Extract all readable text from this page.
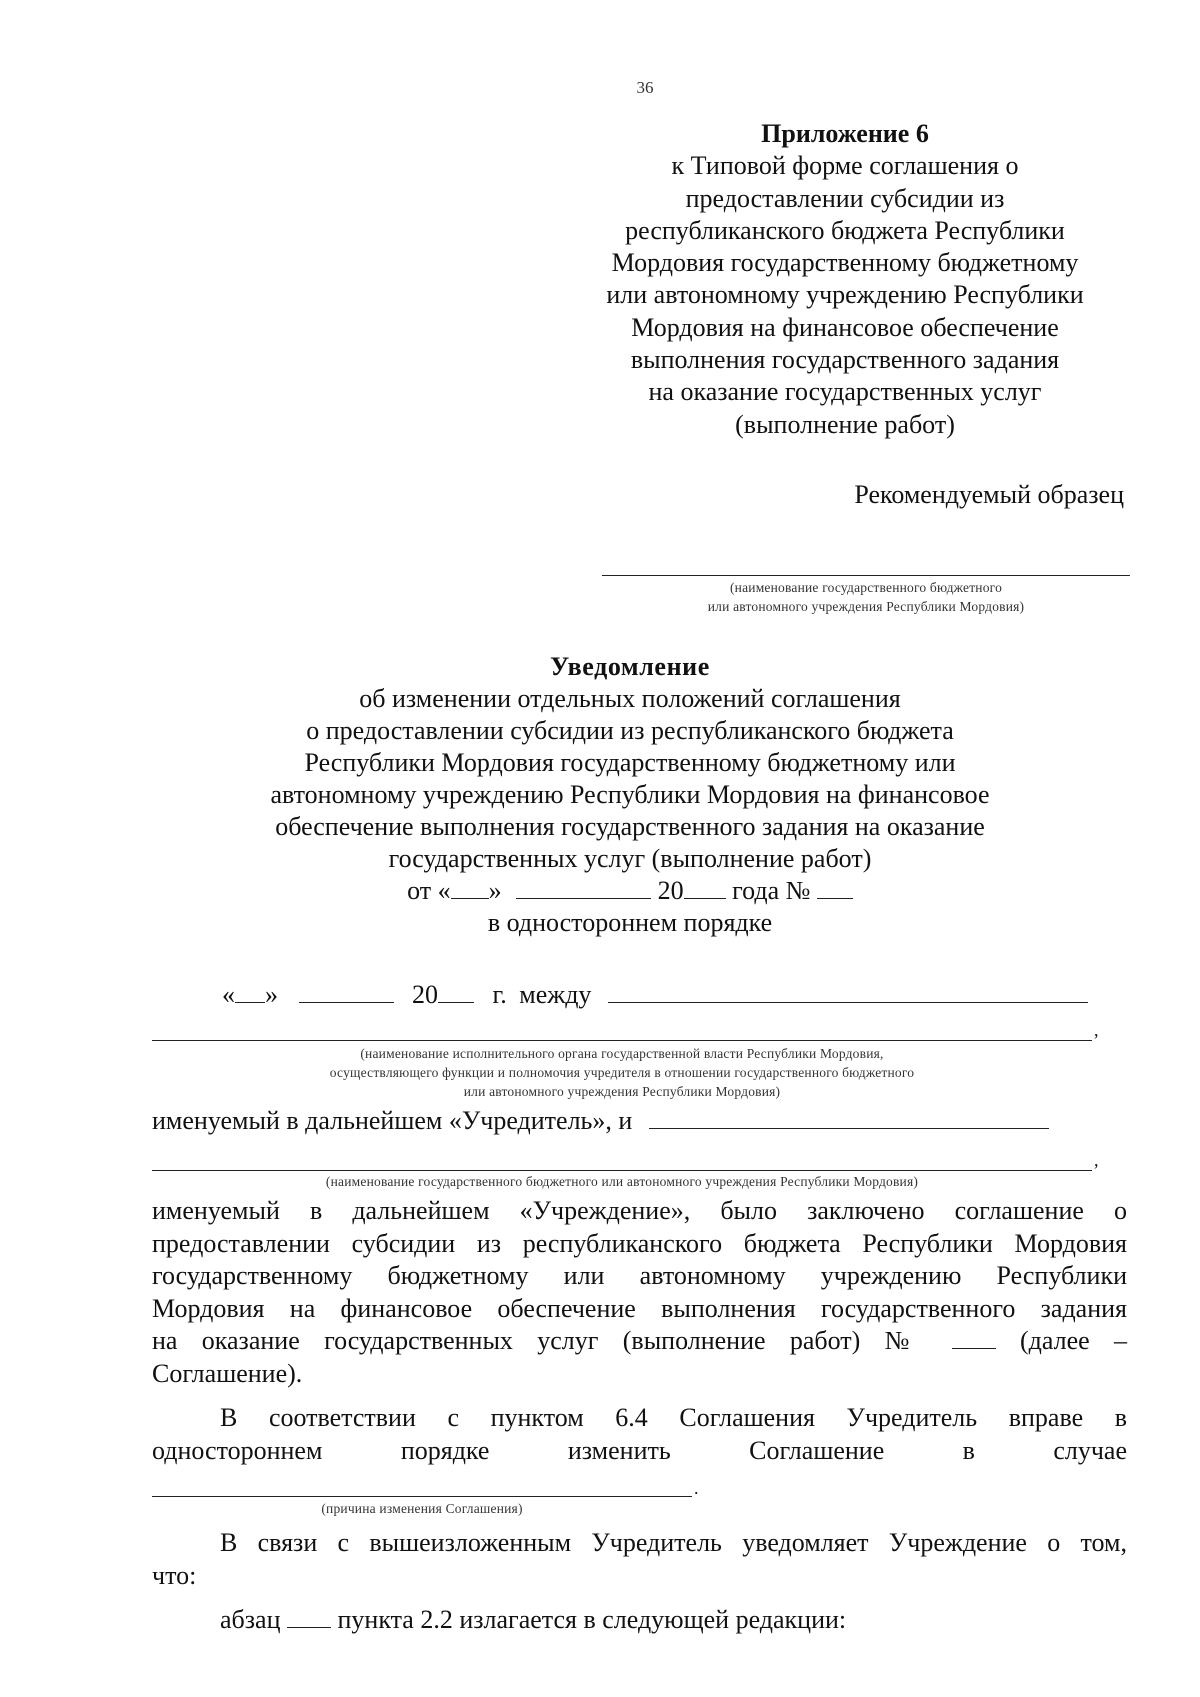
36
Приложение 6
к Типовой форме соглашения о
предоставлении субсидии из
республиканского бюджета Республики
Мордовия государственному бюджетному
или автономному учреждению Республики
Мордовия на финансовое обеспечение
выполнения государственного задания
на оказание государственных услуг
(выполнение работ)
Рекомендуемый образец
(наименование государственного бюджетного
или автономного учреждения Республики Мордовия)
Уведомление
об изменении отдельных положений соглашения
о предоставлении субсидии из республиканского бюджета
Республики Мордовия государственному бюджетному или
автономному учреждению Республики Мордовия на финансовое
обеспечение выполнения государственного задания на оказание
государственных услуг (выполнение работ)
от « »	20 года №
в одностороннем порядке
« »	20 г. между
,
(наименование исполнительного органа государственной власти Республики Мордовия,
осуществляющего функции и полномочия учредителя в отношении государственного бюджетного
или автономного учреждения Республики Мордовия)
именуемый в дальнейшем «Учредитель», и
,
(наименование государственного бюджетного или автономного учреждения Республики Мордовия)
именуемый в дальнейшем «Учреждение», было заключено соглашение о
предоставлении субсидии из республиканского бюджета Республики Мордовия
государственному бюджетному или автономному учреждению Республики
Мордовия на финансовое обеспечение выполнения государственного задания
на оказание государственных услуг (выполнение работ) №	(далее –
Соглашение).
В соответствии с пунктом 6.4 Соглашения Учредитель вправе в
одностороннем порядке изменить Соглашение в случае
.
(причина изменения Соглашения)
В связи с вышеизложенным Учредитель уведомляет Учреждение о том,
что:
абзац пункта 2.2 излагается в следующей редакции:
